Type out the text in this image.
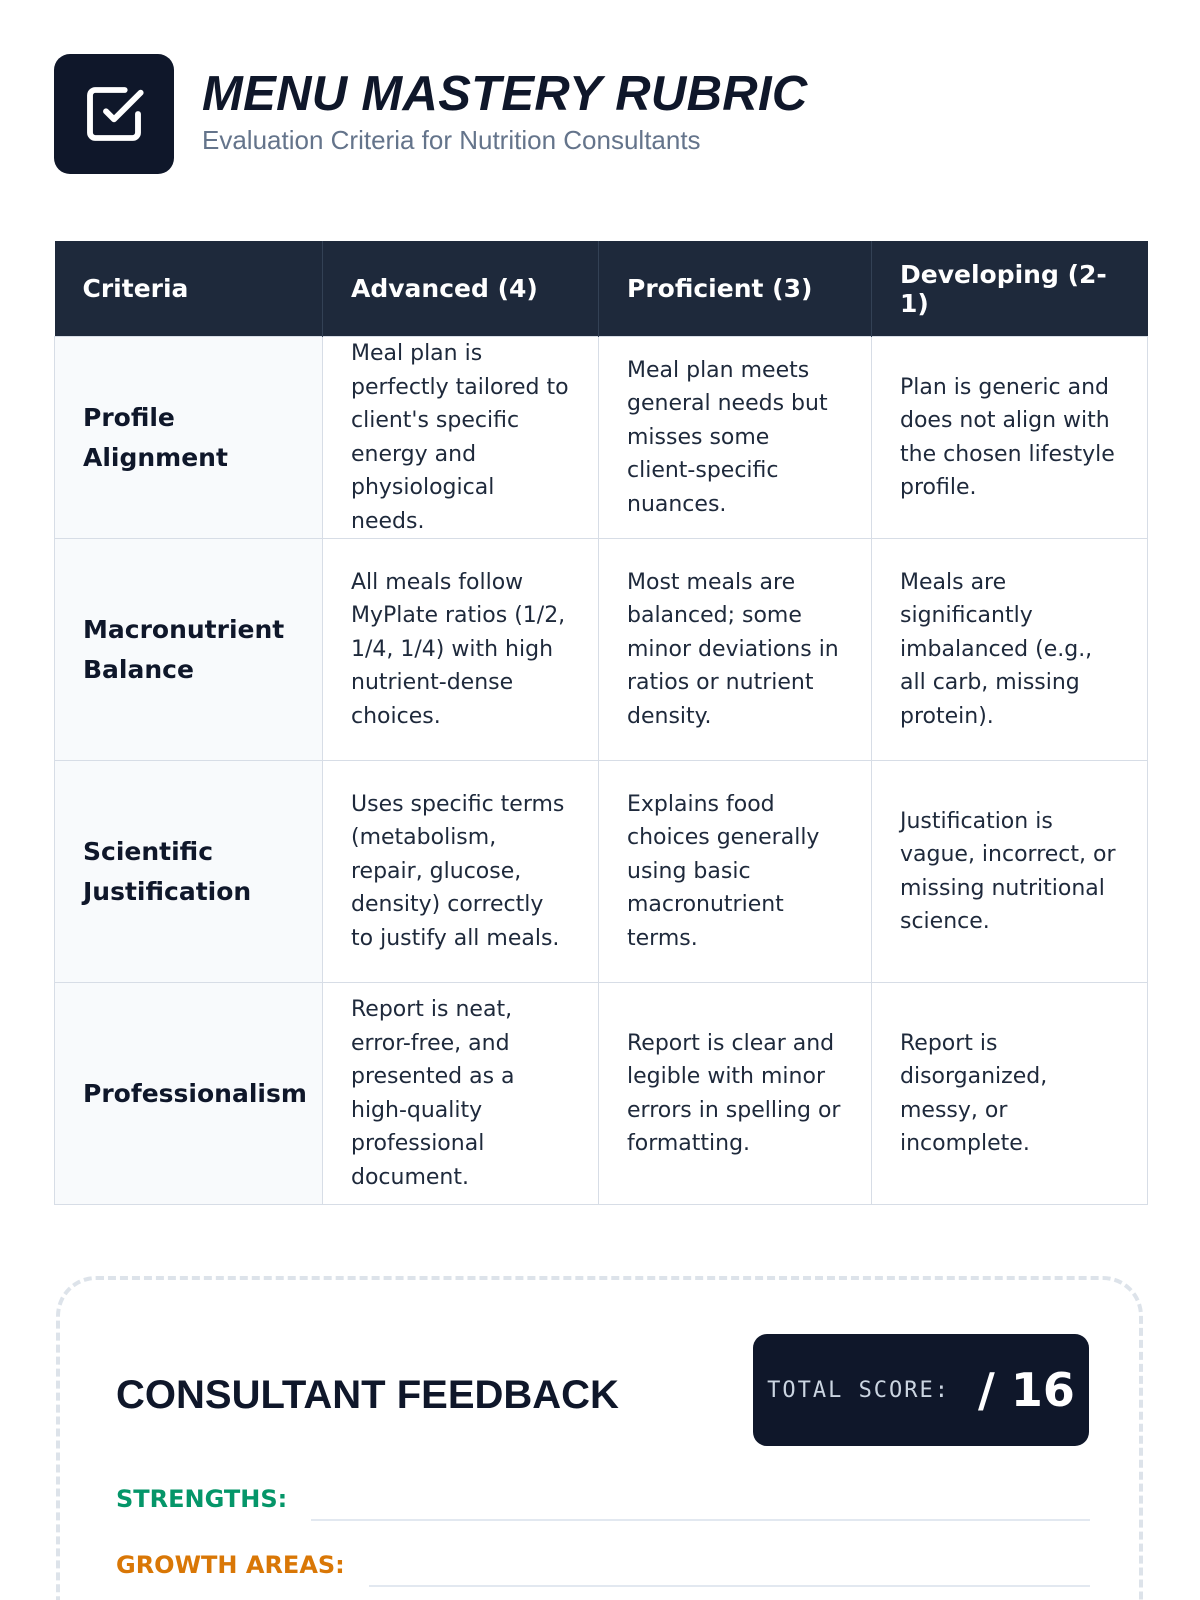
MENU MASTERY RUBRIC
Evaluation Criteria for Nutrition Consultants
Criteria	Advanced (4)	Proficient (3)	Developing (2-1)
Profile Alignment	Meal plan is perfectly tailored to client's specific energy and physiological needs.	Meal plan meets general needs but misses some client-specific nuances.	Plan is generic and does not align with the chosen lifestyle profile.
Macronutrient Balance	All meals follow MyPlate ratios (1/2, 1/4, 1/4) with high nutrient-dense choices.	Most meals are balanced; some minor deviations in ratios or nutrient density.	Meals are significantly imbalanced (e.g., all carb, missing protein).
Scientific Justification	Uses specific terms (metabolism, repair, glucose, density) correctly to justify all meals.	Explains food choices generally using basic macronutrient terms.	Justification is vague, incorrect, or missing nutritional science.
Professionalism	Report is neat, error-free, and presented as a high-quality professional document.	Report is clear and legible with minor errors in spelling or formatting.	Report is disorganized, messy, or incomplete.
CONSULTANT FEEDBACK	TOTAL SCORE: / 16
STRENGTHS:
GROWTH AREAS:
